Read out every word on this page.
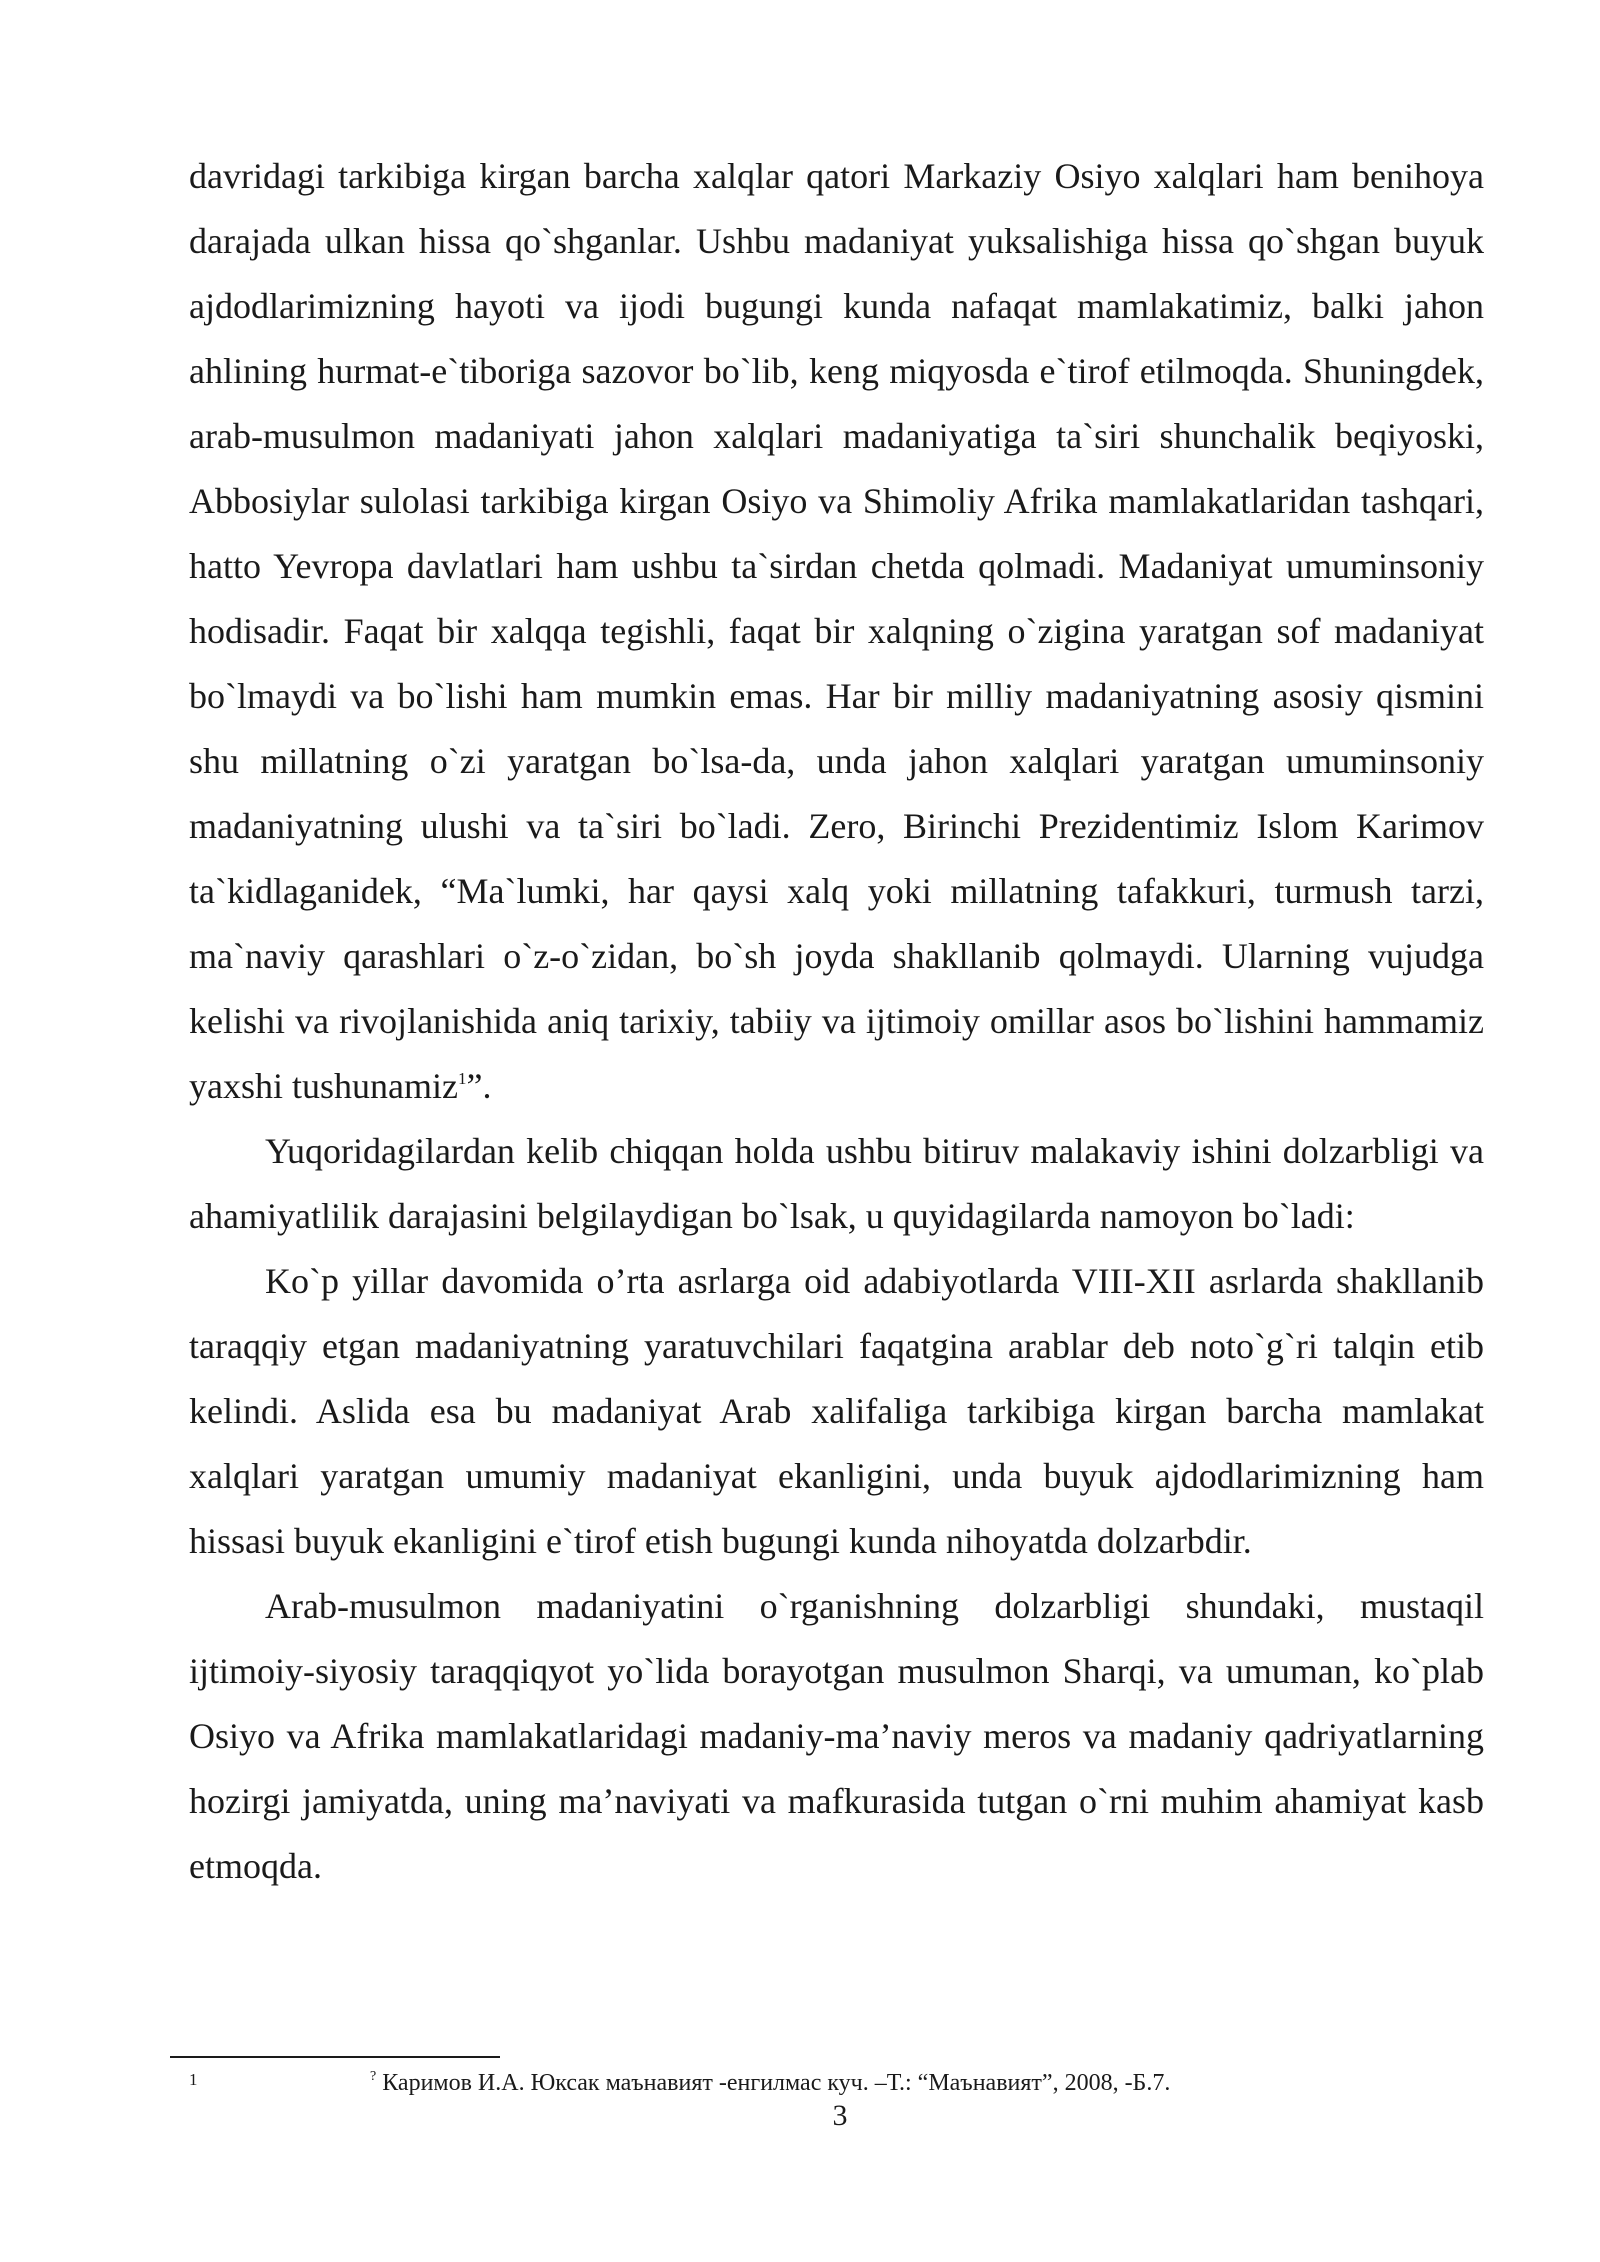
davridagi tarkibiga kirgan barcha xalqlar qatori Markaziy Osiyo xalqlari ham benihoya darajada ulkan hissa qo`shganlar. Ushbu madaniyat yuksalishiga hissa qo`shgan buyuk ajdodlarimizning hayoti va ijodi bugungi kunda nafaqat mamlakatimiz, balki jahon ahlining hurmat-e`tiboriga sazovor bo`lib, keng miqyosda e`tirof etilmoqda. Shuningdek, arab-musulmon madaniyati jahon xalqlari madaniyatiga ta`siri shunchalik beqiyoski, Abbosiylar sulolasi tarkibiga kirgan Osiyo va Shimoliy Afrika mamlakatlaridan tashqari, hatto Yevropa davlatlari ham ushbu ta`sirdan chetda qolmadi. Madaniyat umuminsoniy hodisadir. Faqat bir xalqqa tegishli, faqat bir xalqning o`zigina yaratgan sof madaniyat bo`lmaydi va bo`lishi ham mumkin emas. Har bir milliy madaniyatning asosiy qismini shu millatning o`zi yaratgan bo`lsa-da, unda jahon xalqlari yaratgan umuminsoniy madaniyatning ulushi va ta`siri bo`ladi. Zero, Birinchi Prezidentimiz Islom Karimov ta`kidlaganidek, “Ma`lumki, har qaysi xalq yoki millatning tafakkuri, turmush tarzi, ma`naviy qarashlari o`z-o`zidan, bo`sh joyda shakllanib qolmaydi. Ularning vujudga kelishi va rivojlanishida aniq tarixiy, tabiiy va ijtimoiy omillar asos bo`lishini hammamiz yaxshi tushunamiz$^1$”.

Yuqoridagilardan kelib chiqqan holda ushbu bitiruv malakaviy ishini dolzarbligi va ahamiyatlilik darajasini belgilaydigan bo`lsak, u quyidagilarda namoyon bo`ladi:

Ko`p yillar davomida o’rta asrlarga oid adabiyotlarda VIII-XII asrlarda shakllanib taraqqiy etgan madaniyatning yaratuvchilari faqatgina arablar deb noto`g`ri talqin etib kelindi. Aslida esa bu madaniyat Arab xalifaliga tarkibiga kirgan barcha mamlakat xalqlari yaratgan umumiy madaniyat ekanligini, unda buyuk ajdodlarimizning ham hissasi buyuk ekanligini e`tirof etish bugungi kunda nihoyatda dolzarbdir.

Arab-musulmon madaniyatini o`rganishning dolzarbligi shundaki, mustaqil ijtimoiy-siyosiy taraqqiqyot yo`lida borayotgan musulmon Sharqi, va umuman, ko`plab Osiyo va Afrika mamlakatlaridagi madaniy-ma’naviy meros va madaniy qadriyatlarning hozirgi jamiyatda, uning ma’naviyati va mafkurasida tutgan o`rni muhim ahamiyat kasb etmoqda.

1	? Каримов И.А. Юксак маънавият -енгилмас куч. –Т.: “Маънавият”, 2008, -Б.7.
3
